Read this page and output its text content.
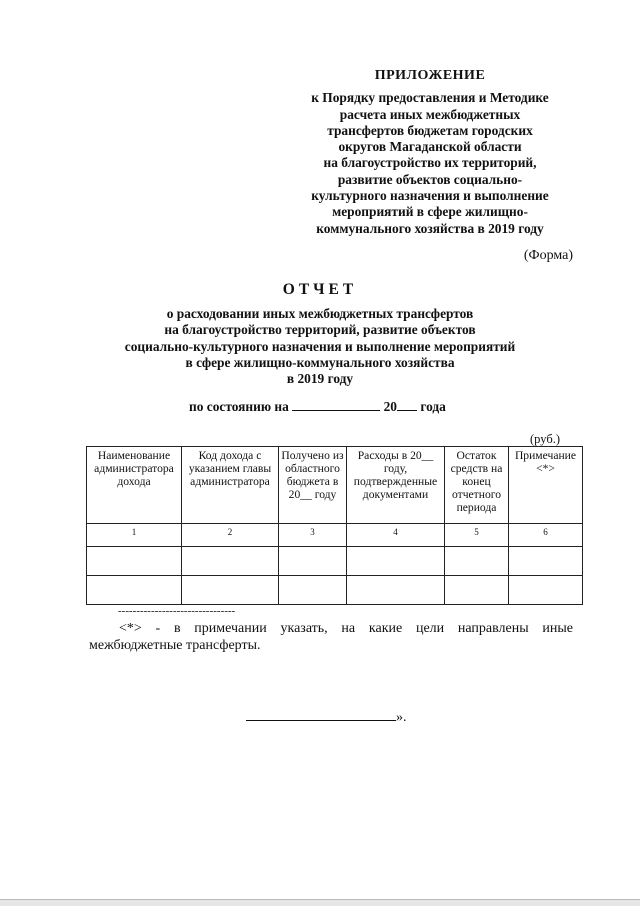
ПРИЛОЖЕНИЕ
к Порядку предоставления и Методике
расчета иных межбюджетных
трансфертов бюджетам городских
округов Магаданской области
на благоустройство их территорий,
развитие объектов социально-
культурного назначения и выполнение
мероприятий в сфере жилищно-
коммунального хозяйства в 2019 году
(Форма)
ОТЧЕТ
о расходовании иных межбюджетных трансфертов
на благоустройство территорий, развитие объектов
социально-культурного назначения и выполнение мероприятий
в сфере жилищно-коммунального хозяйства
в 2019 году
по состоянию на	20 года
(руб.)
Наименование администратора дохода	Код дохода с указанием главы администратора	Получено из областного бюджета в 20__ году	Расходы в 20__ году, подтвержденные документами	Остаток средств на конец отчетного периода	Примечание <*>
1	2	3	4	5	6

--------------------------------
<*> - в примечании указать, на какие цели направлены иные межбюджетные трансферты.
».
